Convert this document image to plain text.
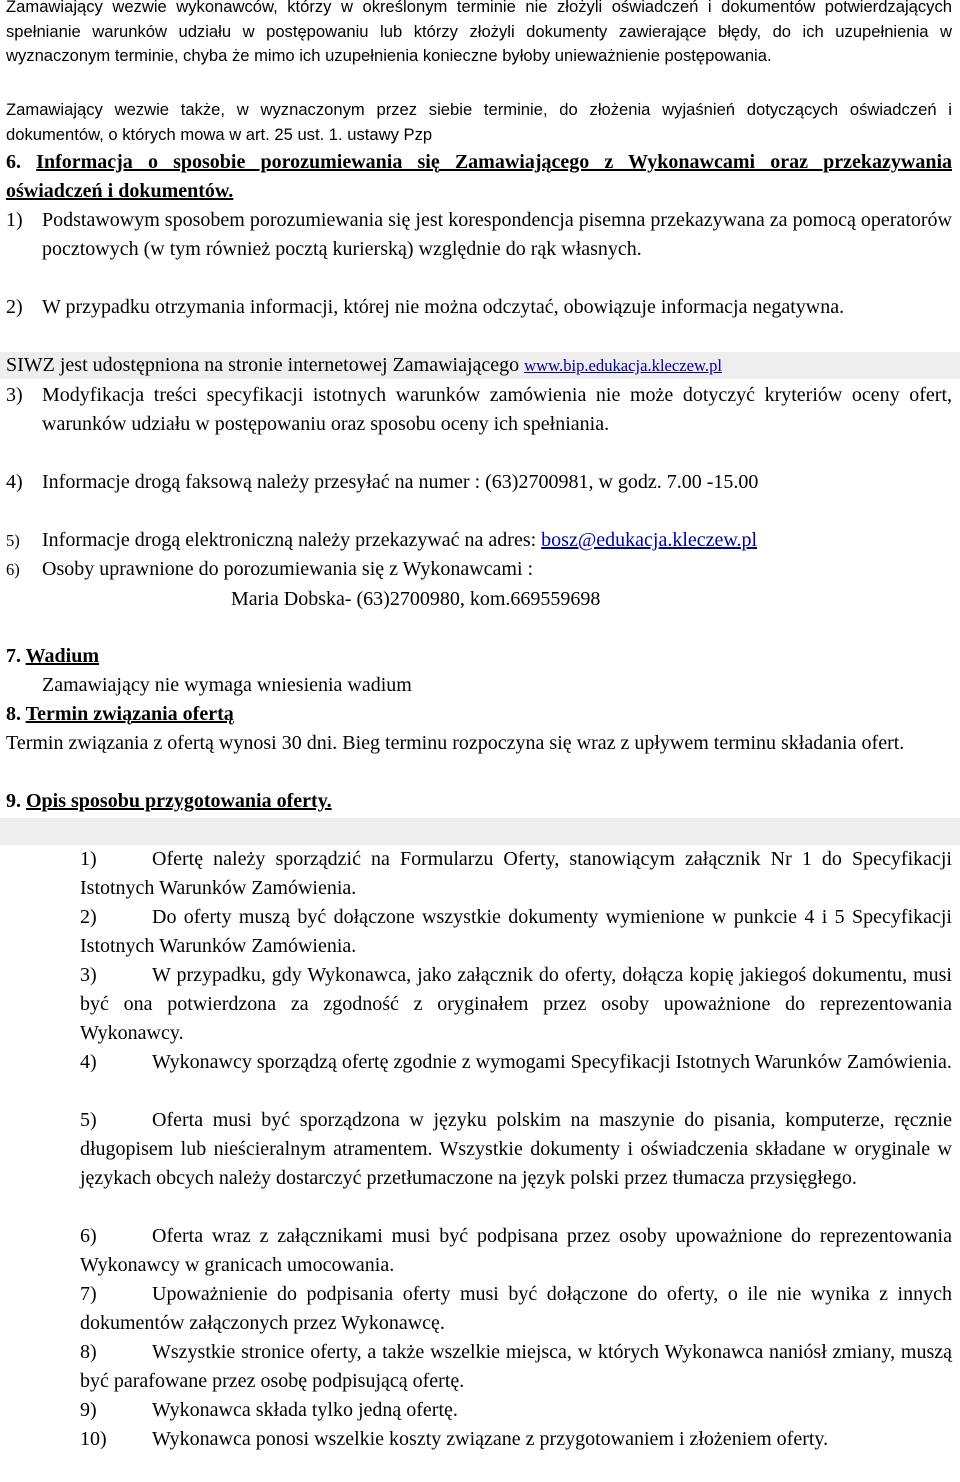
Zamawiający wezwie wykonawców, którzy w określonym terminie nie złożyli oświadczeń i dokumentów potwierdzających spełnianie warunków udziału w postępowaniu lub którzy złożyli dokumenty zawierające błędy, do ich uzupełnienia w wyznaczonym terminie, chyba że mimo ich uzupełnienia konieczne byłoby unieważnienie postępowania.
Zamawiający wezwie także, w wyznaczonym przez siebie terminie, do złożenia wyjaśnień dotyczących oświadczeń i dokumentów, o których mowa w art. 25 ust. 1. ustawy Pzp
6. Informacja o sposobie porozumiewania się Zamawiającego z Wykonawcami oraz przekazywania oświadczeń i dokumentów.
1) Podstawowym sposobem porozumiewania się jest korespondencja pisemna przekazywana za pomocą operatorów pocztowych (w tym również pocztą kurierską) względnie do rąk własnych.
2) W przypadku otrzymania informacji, której nie można odczytać, obowiązuje informacja negatywna.
SIWZ jest udostępniona na stronie internetowej Zamawiającego www.bip.edukacja.kleczew.pl
3) Modyfikacja treści specyfikacji istotnych warunków zamówienia nie może dotyczyć kryteriów oceny ofert, warunków udziału w postępowaniu oraz sposobu oceny ich spełniania.
4) Informacje drogą faksową należy przesyłać na numer : (63)2700981, w godz. 7.00 -15.00
5) Informacje drogą elektroniczną należy przekazywać na adres: bosz@edukacja.kleczew.pl
6) Osoby uprawnione do porozumiewania się z Wykonawcami :
Maria Dobska- (63)2700980, kom.669559698
7. Wadium
Zamawiający nie wymaga wniesienia wadium
8. Termin związania ofertą
Termin związania z ofertą wynosi 30 dni. Bieg terminu rozpoczyna się wraz z upływem terminu składania ofert.
9. Opis sposobu przygotowania oferty.
1)	Ofertę należy sporządzić na Formularzu Oferty, stanowiącym załącznik Nr 1 do Specyfikacji Istotnych Warunków Zamówienia.
2)	Do oferty muszą być dołączone wszystkie dokumenty wymienione w punkcie 4 i 5 Specyfikacji Istotnych Warunków Zamówienia.
3)	W przypadku, gdy Wykonawca, jako załącznik do oferty, dołącza kopię jakiegoś dokumentu, musi być ona potwierdzona za zgodność z oryginałem przez osoby upoważnione do reprezentowania Wykonawcy.
4)	Wykonawcy sporządzą ofertę zgodnie z wymogami Specyfikacji Istotnych Warunków Zamówienia.
5)	Oferta musi być sporządzona w języku polskim na maszynie do pisania, komputerze, ręcznie długopisem lub nieścieralnym atramentem. Wszystkie dokumenty i oświadczenia składane w oryginale w językach obcych należy dostarczyć przetłumaczone na język polski przez tłumacza przysięgłego.
6)	Oferta wraz z załącznikami musi być podpisana przez osoby upoważnione do reprezentowania Wykonawcy w granicach umocowania.
7)	Upoważnienie do podpisania oferty musi być dołączone do oferty, o ile nie wynika z innych dokumentów załączonych przez Wykonawcę.
8)	Wszystkie stronice oferty, a także wszelkie miejsca, w których Wykonawca naniósł zmiany, muszą być parafowane przez osobę podpisującą ofertę.
9)	Wykonawca składa tylko jedną ofertę.
10) Wykonawca ponosi wszelkie koszty związane z przygotowaniem i złożeniem oferty.
